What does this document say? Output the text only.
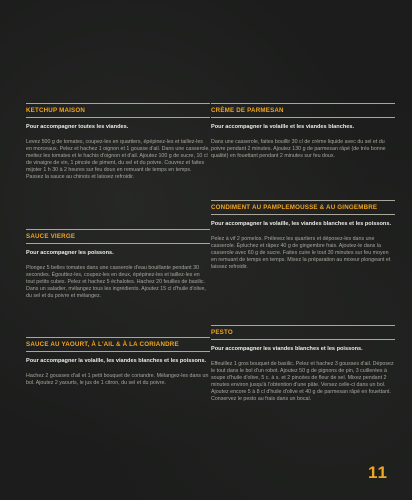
KETCHUP MAISON
Pour accompagner toutes les viandes.
Levez 500 g de tomates, coupez-les en quartiers, épépinez-les et taillez-les en morceaux. Pelez et hachez 1 oignon et 1 gousse d'ail. Dans une casserole, mettez les tomates et le hachis d'oignon et d'ail. Ajoutez 100 g de sucre, 10 cl de vinaigre de vin, 1 pincée de piment, du sel et du poivre. Couvrez et faites mijoter 1 h 30 à 2 heures sur feu doux en remuant de temps en temps. Passez la sauce au chinois et laissez refroidir.
CRÈME DE PARMESAN
Pour accompagner la volaille et les viandes blanches.
Dans une casserole, faites bouillir 30 cl de crème liquide avec du sel et du poivre pendant 2 minutes. Ajoutez 130 g de parmesan râpé (de très bonne qualité) en fouettant pendant 2 minutes sur feu doux.
SAUCE VIERGE
Pour accompagner les poissons.
Plongez 5 belles tomates dans une casserole d'eau bouillante pendant 30 secondes. Égouttez-les, coupez-les en deux, épépinez-les et taillez-les en tout petits cubes. Pelez et hachez 5 échalotes. Hachez 20 feuilles de basilic. Dans un saladier, mélangez tous les ingrédients. Ajoutez 15 cl d'huile d'olive, du sel et du poivre et mélangez.
CONDIMENT AU PAMPLEMOUSSE & AU GINGEMBRE
Pour accompagner la volaille, les viandes blanches et les poissons.
Pelez à vif 2 pomelos. Prélevez les quartiers et déposez-les dans une casserole. Épluchez et râpez 40 g de gingembre frais. Ajoutez-le dans la casserole avec 60 g de sucre. Faites cuire le tout 30 minutes sur feu moyen en remuant de temps en temps. Mixez la préparation au mixeur plongeant et laissez refroidir.
SAUCE AU YAOURT, À L'AIL & À LA CORIANDRE
Pour accompagner la volaille, les viandes blanches et les poissons.
Hachez 2 gousses d'ail et 1 petit bouquet de coriandre. Mélangez-les dans un bol. Ajoutez 2 yaourts, le jus de 1 citron, du sel et du poivre.
PESTO
Pour accompagner les viandes blanches et les poissons.
Effeuillez 1 gros bouquet de basilic. Pelez et hachez 3 gousses d'ail. Déposez le tout dans le bol d'un robot. Ajoutez 50 g de pignons de pin, 3 cuillerées à soupe d'huile d'olive, 5 c. à s. et 2 pincées de fleur de sel. Mixez pendant 2 minutes environ jusqu'à l'obtention d'une pâte. Versez celle-ci dans un bol. Ajoutez encore 5 à 8 cl d'huile d'olive et 40 g de parmesan râpé en fouettant. Conservez le pesto au frais dans un bocal.
11
